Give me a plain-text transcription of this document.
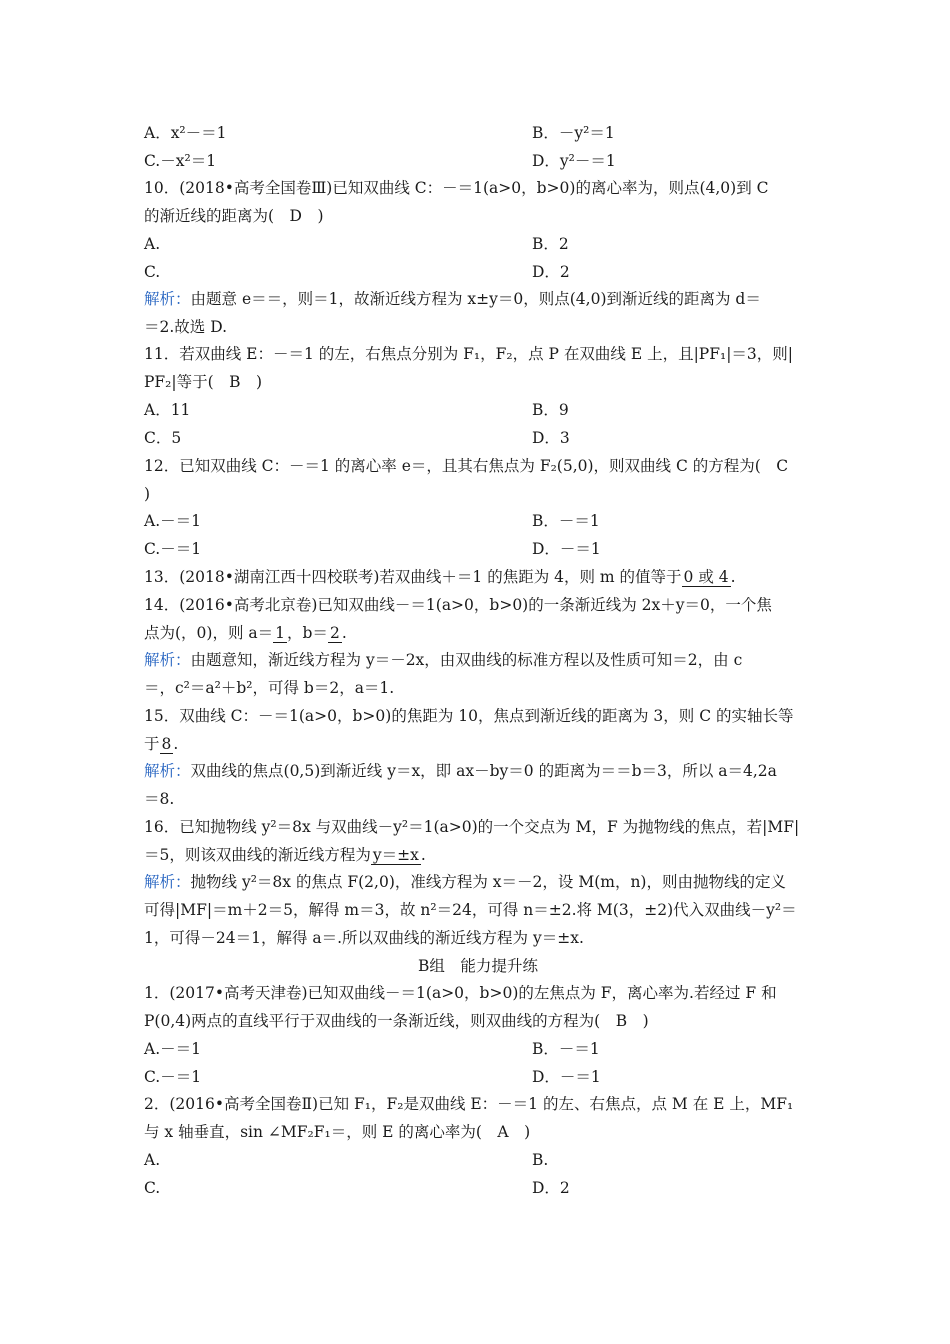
A．x²－＝1	B．－y²＝1
C.－x²＝1	D．y²－＝1
10．(2018•高考全国卷Ⅲ)已知双曲线 C：－＝1(a>0，b>0)的离心率为，则点(4,0)到 C
的渐近线的距离为(　D　)
A.	B．2
C.	D．2
解析：由题意 e＝＝，则＝1，故渐近线方程为 x±y＝0，则点(4,0)到渐近线的距离为 d＝
＝2.故选 D.
11．若双曲线 E：－＝1 的左，右焦点分别为 F₁，F₂，点 P 在双曲线 E 上，且|PF₁|＝3，则|
PF₂|等于(　B　)
A．11	B．9
C．5	D．3
12．已知双曲线 C：－＝1 的离心率 e＝，且其右焦点为 F₂(5,0)，则双曲线 C 的方程为(　C
)
A.－＝1	B．－＝1
C.－＝1	D．－＝1
13．(2018•湖南江西十四校联考)若双曲线＋＝1 的焦距为 4，则 m 的值等于 0 或 4 .
14．(2016•高考北京卷)已知双曲线－＝1(a>0，b>0)的一条渐近线为 2x＋y＝0，一个焦
点为(，0)，则 a＝ 1 ，b＝ 2 .
解析：由题意知，渐近线方程为 y＝－2x，由双曲线的标准方程以及性质可知＝2，由 c
＝，c²＝a²＋b²，可得 b＝2，a＝1.
15．双曲线 C：－＝1(a>0，b>0)的焦距为 10，焦点到渐近线的距离为 3，则 C 的实轴长等
于 8 .
解析：双曲线的焦点(0,5)到渐近线 y＝x，即 ax－by＝0 的距离为＝＝b＝3，所以 a＝4,2a
＝8.
16．已知抛物线 y²＝8x 与双曲线－y²＝1(a>0)的一个交点为 M，F 为抛物线的焦点，若|MF|
＝5，则该双曲线的渐近线方程为 y＝±x .
解析：抛物线 y²＝8x 的焦点 F(2,0)，准线方程为 x＝－2，设 M(m，n)，则由抛物线的定义
可得|MF|＝m＋2＝5，解得 m＝3，故 n²＝24，可得 n＝±2.将 M(3，±2)代入双曲线－y²＝
1，可得－24＝1，解得 a＝.所以双曲线的渐近线方程为 y＝±x.
B组　能力提升练
1．(2017•高考天津卷)已知双曲线－＝1(a>0，b>0)的左焦点为 F，离心率为.若经过 F 和
P(0,4)两点的直线平行于双曲线的一条渐近线，则双曲线的方程为(　B　)
A.－＝1	B．－＝1
C.－＝1	D．－＝1
2．(2016•高考全国卷Ⅱ)已知 F₁，F₂是双曲线 E：－＝1 的左、右焦点，点 M 在 E 上，MF₁
与 x 轴垂直，sin ∠MF₂F₁＝，则 E 的离心率为(　A　)
A.	B.
C.	D．2
